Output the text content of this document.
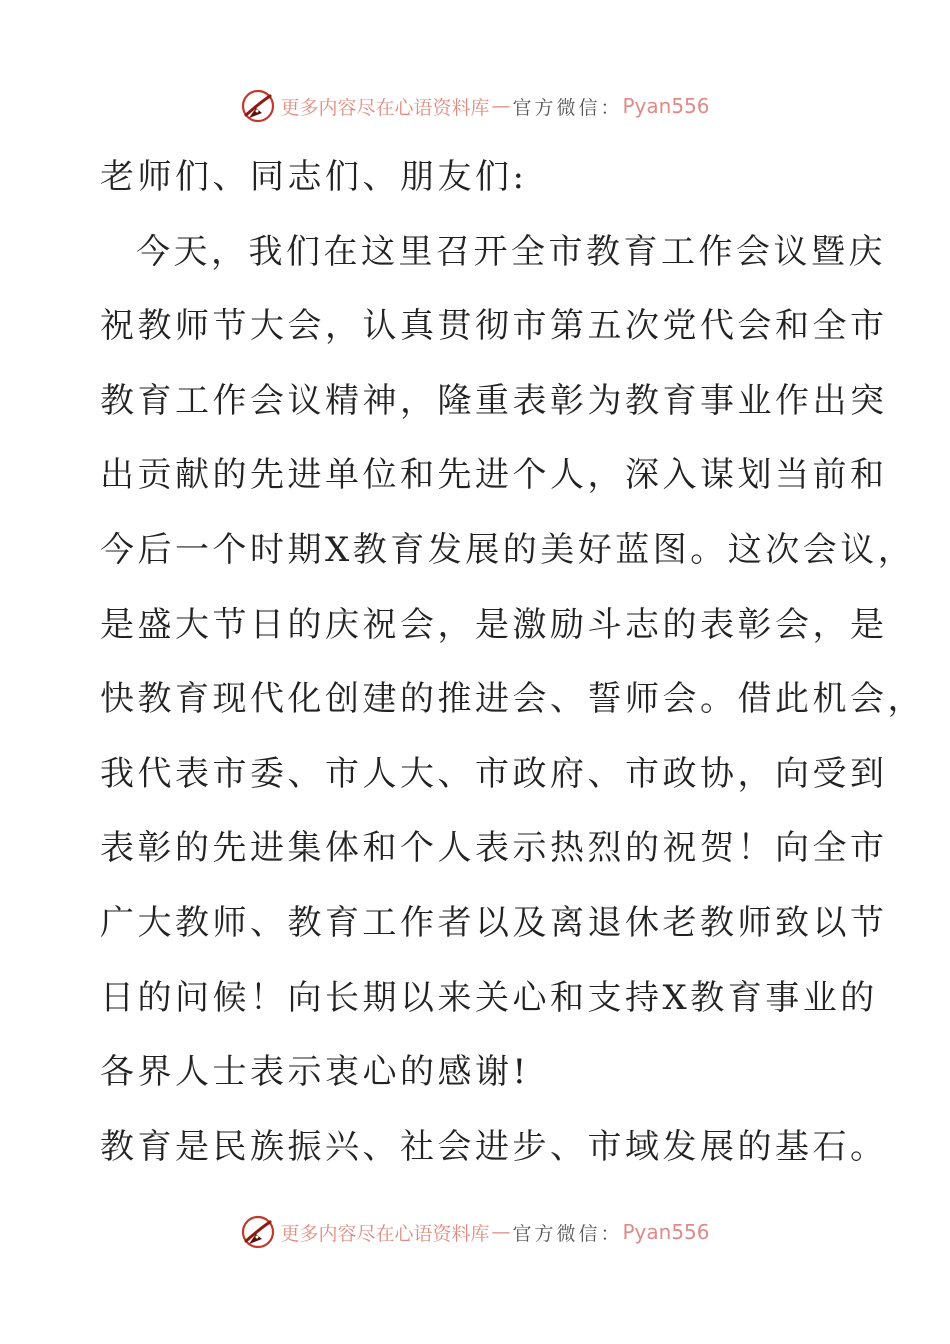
更多内容尽在心语资料库 — 官方微信： Pyan556
老师们、同志们、朋友们:
今天，我们在这里召开全市教育工作会议暨庆
祝教师节大会，认真贯彻市第五次党代会和全市
教育工作会议精神，隆重表彰为教育事业作出突
出贡献的先进单位和先进个人，深入谋划当前和
今后一个时期X教育发展的美好蓝图。这次会议，
是盛大节日的庆祝会，是激励斗志的表彰会，是
快教育现代化创建的推进会、誓师会。借此机会，
我代表市委、市人大、市政府、市政协，向受到
表彰的先进集体和个人表示热烈的祝贺！向全市
广大教师、教育工作者以及离退休老教师致以节
日的问候！向长期以来关心和支持X教育事业的
各界人士表示衷心的感谢!
教育是民族振兴、社会进步、市域发展的基石。
更多内容尽在心语资料库 — 官方微信： Pyan556
